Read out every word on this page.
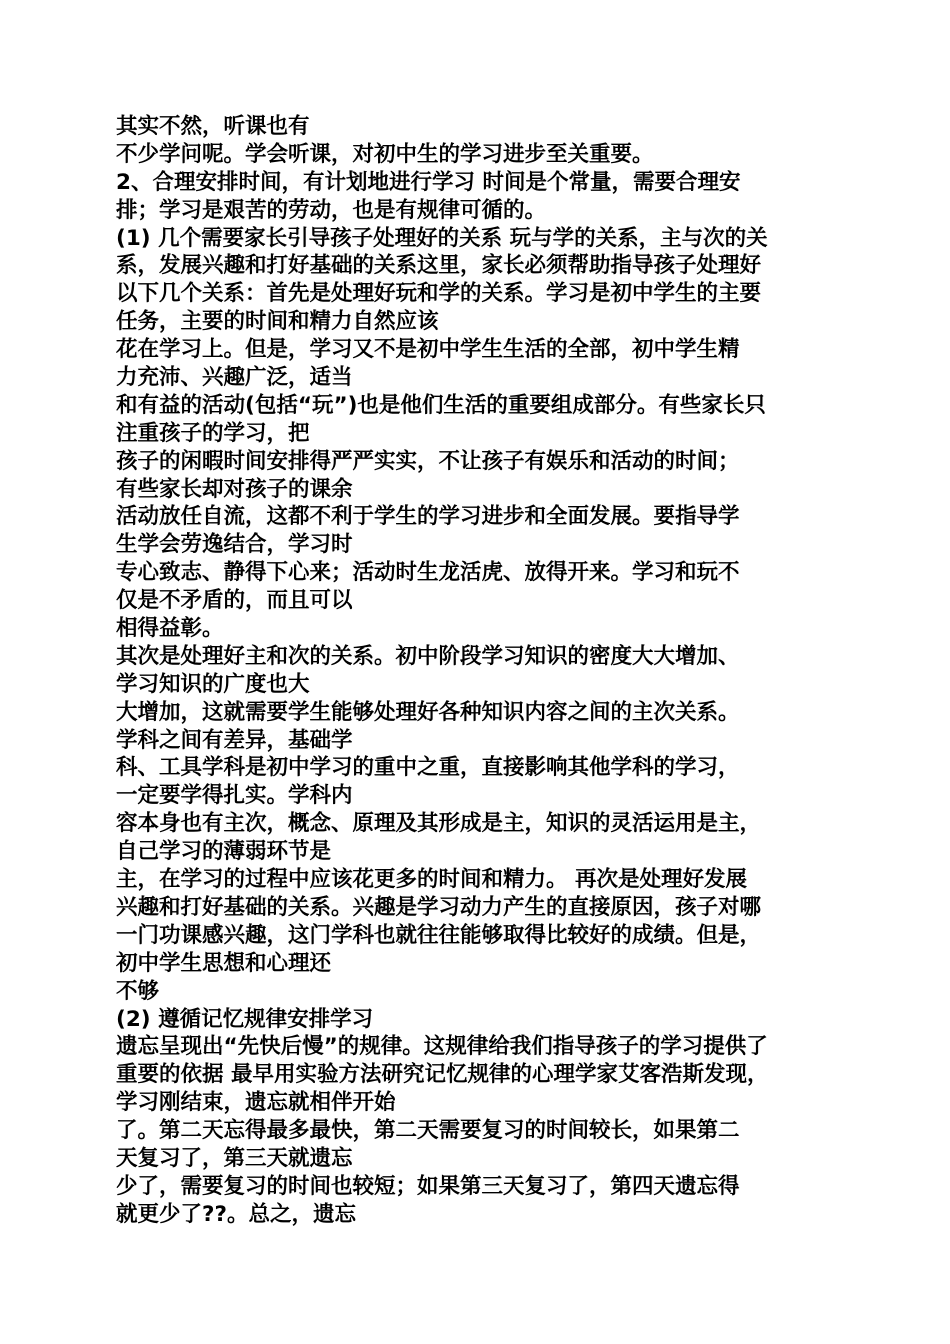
其实不然，听课也有
不少学问呢。学会听课，对初中生的学习进步至关重要。
2、合理安排时间，有计划地进行学习 时间是个常量，需要合理安
排；学习是艰苦的劳动，也是有规律可循的。
(1) 几个需要家长引导孩子处理好的关系 玩与学的关系，主与次的关
系，发展兴趣和打好基础的关系这里，家长必须帮助指导孩子处理好
以下几个关系：首先是处理好玩和学的关系。学习是初中学生的主要
任务，主要的时间和精力自然应该
花在学习上。但是，学习又不是初中学生生活的全部，初中学生精
力充沛、兴趣广泛，适当
和有益的活动(包括“玩”)也是他们生活的重要组成部分。有些家长只
注重孩子的学习，把
孩子的闲暇时间安排得严严实实，不让孩子有娱乐和活动的时间；
有些家长却对孩子的课余
活动放任自流，这都不利于学生的学习进步和全面发展。要指导学
生学会劳逸结合，学习时
专心致志、静得下心来；活动时生龙活虎、放得开来。学习和玩不
仅是不矛盾的，而且可以
相得益彰。
其次是处理好主和次的关系。初中阶段学习知识的密度大大增加、
学习知识的广度也大
大增加，这就需要学生能够处理好各种知识内容之间的主次关系。
学科之间有差异，基础学
科、工具学科是初中学习的重中之重，直接影响其他学科的学习，
一定要学得扎实。学科内
容本身也有主次，概念、原理及其形成是主，知识的灵活运用是主，
自己学习的薄弱环节是
主，在学习的过程中应该花更多的时间和精力。 再次是处理好发展
兴趣和打好基础的关系。兴趣是学习动力产生的直接原因，孩子对哪
一门功课感兴趣，这门学科也就往往能够取得比较好的成绩。但是，
初中学生思想和心理还
不够
(2) 遵循记忆规律安排学习
遗忘呈现出“先快后慢”的规律。这规律给我们指导孩子的学习提供了
重要的依据 最早用实验方法研究记忆规律的心理学家艾客浩斯发现，
学习刚结束，遗忘就相伴开始
了。第二天忘得最多最快，第二天需要复习的时间较长，如果第二
天复习了，第三天就遗忘
少了，需要复习的时间也较短；如果第三天复习了，第四天遗忘得
就更少了??。总之，遗忘
